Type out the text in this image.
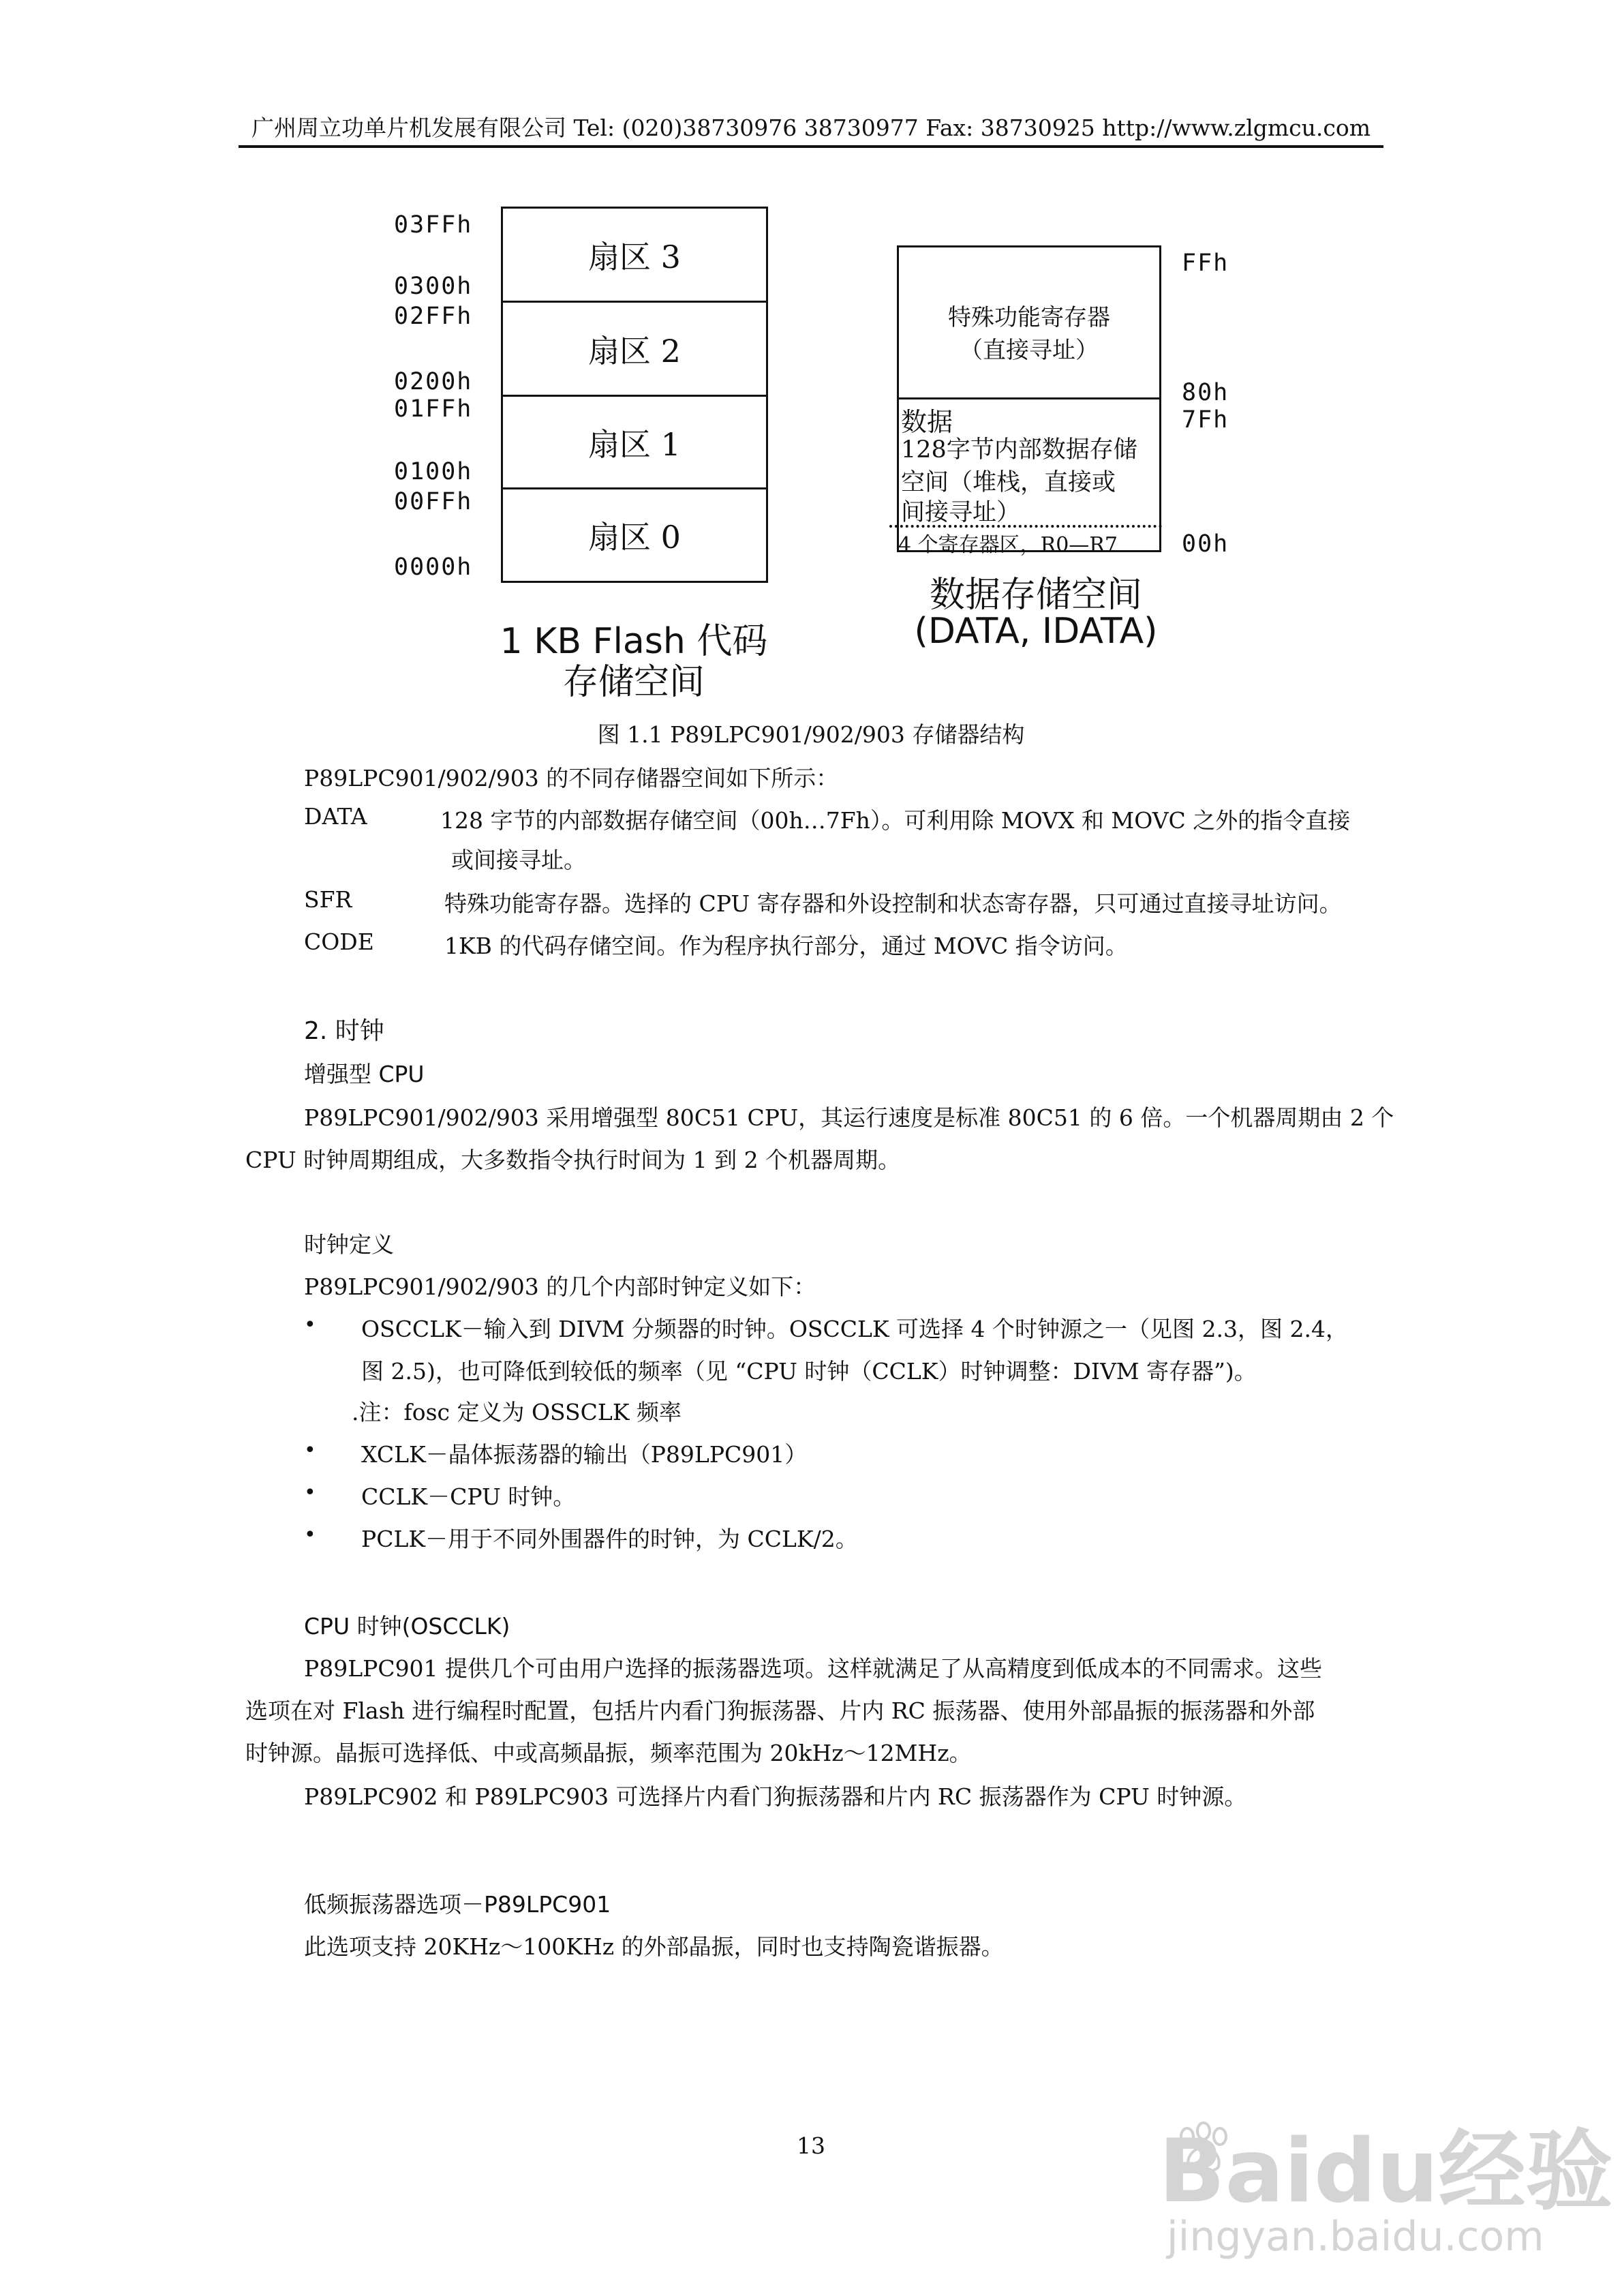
广州周立功单片机发展有限公司 Tel: (020)38730976 38730977 Fax: 38730925 http://www.zlgmcu.com
03FFh
0300h
02FFh
0200h
01FFh
0100h
00FFh
0000h
扇区 3
扇区 2
扇区 1
扇区 0
1 KB Flash 代码
存储空间
特殊功能寄存器
（直接寻址）
数据
128字节内部数据存储
空间（堆栈，直接或
间接寻址）
4 个寄存器区，R0—R7
FFh
80h
7Fh
00h
数据存储空间
(DATA, IDATA)
图 1.1 P89LPC901/902/903 存储器结构
P89LPC901/902/903 的不同存储器空间如下所示：
DATA	128 字节的内部数据存储空间（00h…7Fh）。可利用除 MOVX 和 MOVC 之外的指令直接
或间接寻址。
SFR	特殊功能寄存器。选择的 CPU 寄存器和外设控制和状态寄存器，只可通过直接寻址访问。
CODE	1KB 的代码存储空间。作为程序执行部分，通过 MOVC 指令访问。
2. 时钟
增强型 CPU
P89LPC901/902/903 采用增强型 80C51 CPU，其运行速度是标准 80C51 的 6 倍。一个机器周期由 2 个
CPU 时钟周期组成，大多数指令执行时间为 1 到 2 个机器周期。
时钟定义
P89LPC901/902/903 的几个内部时钟定义如下：
• OSCCLK－输入到 DIVM 分频器的时钟。OSCCLK 可选择 4 个时钟源之一（见图 2.3，图 2.4，
图 2.5)，也可降低到较低的频率（见 “CPU 时钟（CCLK）时钟调整：DIVM 寄存器”)。
.注：fosc 定义为 OSSCLK 频率
• XCLK－晶体振荡器的输出（P89LPC901）
• CCLK－CPU 时钟。
• PCLK－用于不同外围器件的时钟，为 CCLK/2。
CPU 时钟(OSCCLK)
P89LPC901 提供几个可由用户选择的振荡器选项。这样就满足了从高精度到低成本的不同需求。这些
选项在对 Flash 进行编程时配置，包括片内看门狗振荡器、片内 RC 振荡器、使用外部晶振的振荡器和外部
时钟源。晶振可选择低、中或高频晶振，频率范围为 20kHz～12MHz。
P89LPC902 和 P89LPC903 可选择片内看门狗振荡器和片内 RC 振荡器作为 CPU 时钟源。
低频振荡器选项－P89LPC901
此选项支持 20KHz～100KHz 的外部晶振，同时也支持陶瓷谐振器。
13	Baidu经验
jingyan.baidu.com
